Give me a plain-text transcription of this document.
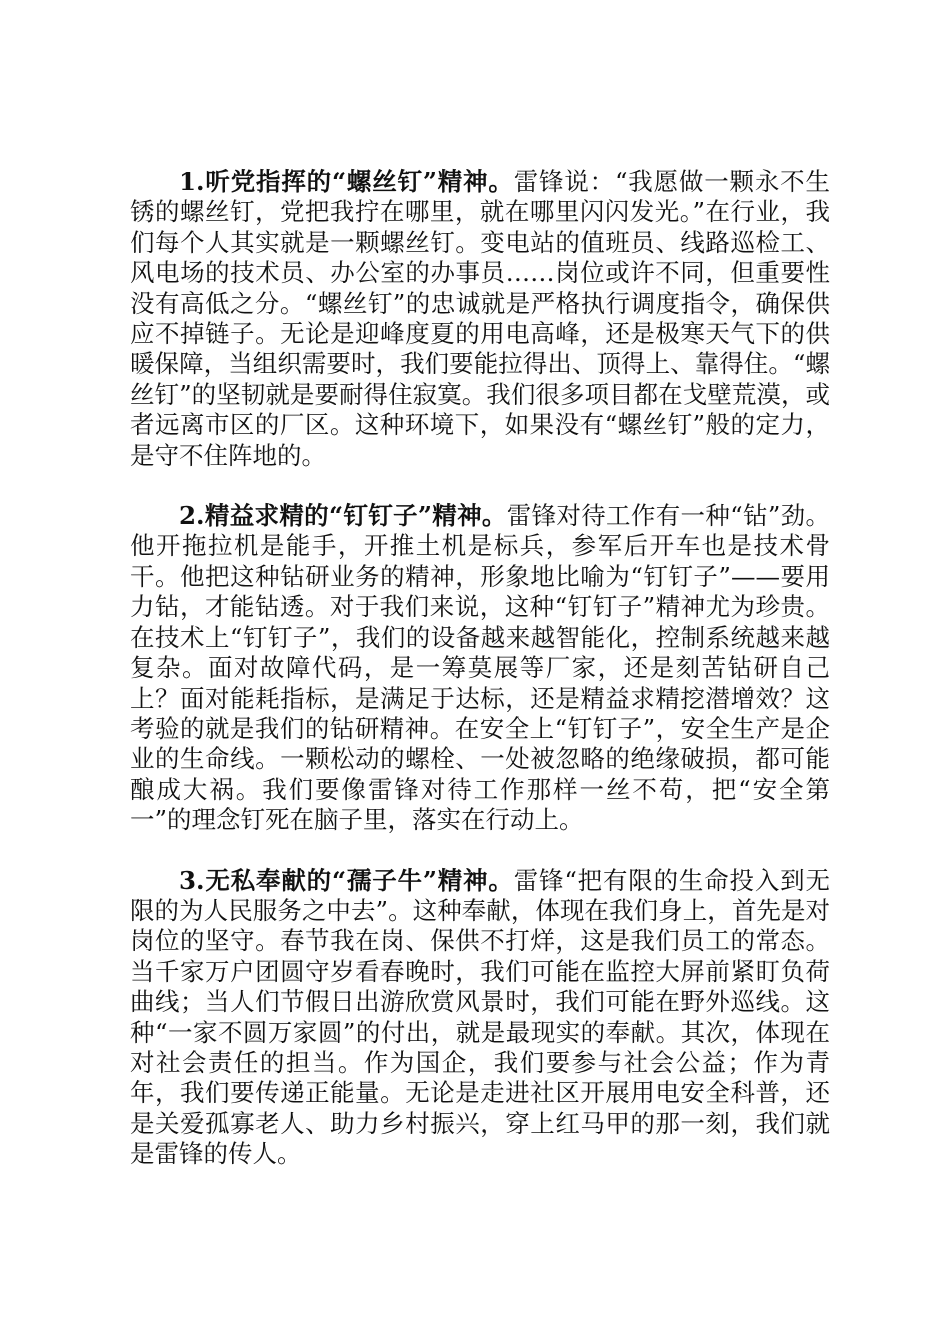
1.听党指挥的“螺丝钉”精神。雷锋说：“我愿做一颗永不生锈的螺丝钉，党把我拧在哪里，就在哪里闪闪发光。”在行业，我们每个人其实就是一颗螺丝钉。变电站的值班员、线路巡检工、风电场的技术员、办公室的办事员……岗位或许不同，但重要性没有高低之分。“螺丝钉”的忠诚就是严格执行调度指令，确保供应不掉链子。无论是迎峰度夏的用电高峰，还是极寒天气下的供暖保障，当组织需要时，我们要能拉得出、顶得上、靠得住。“螺丝钉”的坚韧就是要耐得住寂寞。我们很多项目都在戈壁荒漠，或者远离市区的厂区。这种环境下，如果没有“螺丝钉”般的定力，是守不住阵地的。

2.精益求精的“钉钉子”精神。雷锋对待工作有一种“钻”劲。他开拖拉机是能手，开推土机是标兵，参军后开车也是技术骨干。他把这种钻研业务的精神，形象地比喻为“钉钉子”——要用力钻，才能钻透。对于我们来说，这种“钉钉子”精神尤为珍贵。在技术上“钉钉子”，我们的设备越来越智能化，控制系统越来越复杂。面对故障代码，是一筹莫展等厂家，还是刻苦钻研自己上？面对能耗指标，是满足于达标，还是精益求精挖潜增效？这考验的就是我们的钻研精神。在安全上“钉钉子”，安全生产是企业的生命线。一颗松动的螺栓、一处被忽略的绝缘破损，都可能酿成大祸。我们要像雷锋对待工作那样一丝不苟，把“安全第一”的理念钉死在脑子里，落实在行动上。

3.无私奉献的“孺子牛”精神。雷锋“把有限的生命投入到无限的为人民服务之中去”。这种奉献，体现在我们身上，首先是对岗位的坚守。春节我在岗、保供不打烊，这是我们员工的常态。当千家万户团圆守岁看春晚时，我们可能在监控大屏前紧盯负荷曲线；当人们节假日出游欣赏风景时，我们可能在野外巡线。这种“一家不圆万家圆”的付出，就是最现实的奉献。其次，体现在对社会责任的担当。作为国企，我们要参与社会公益；作为青年，我们要传递正能量。无论是走进社区开展用电安全科普，还是关爱孤寡老人、助力乡村振兴，穿上红马甲的那一刻，我们就是雷锋的传人。
